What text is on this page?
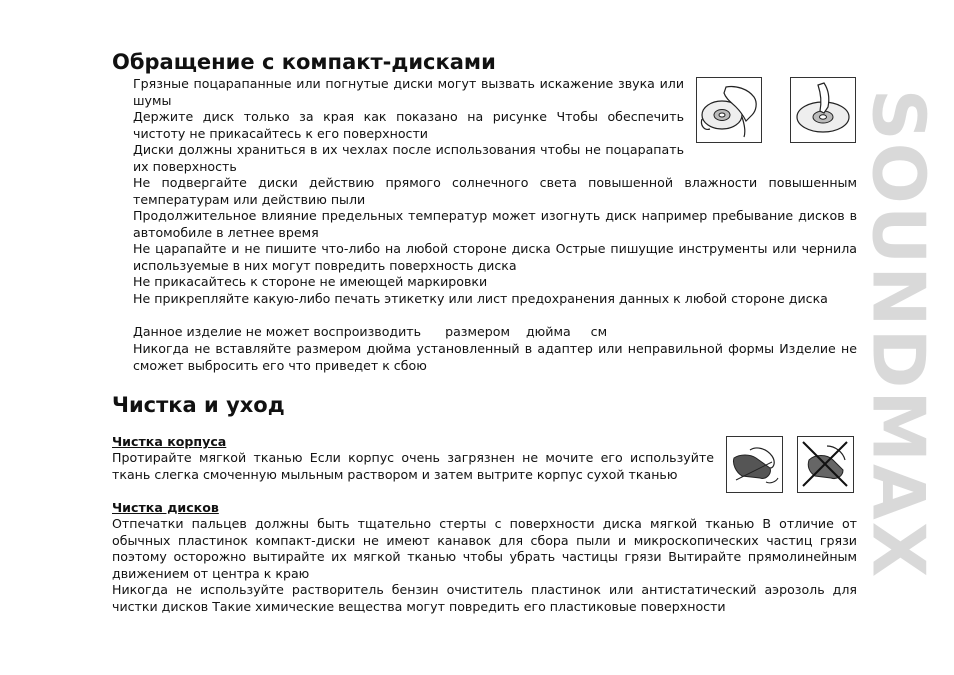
Обращение с компакт-дисками
Грязные поцарапанные или погнутые диски могут вызвать искажение звука или шумы
Держите диск только за края как показано на рисунке Чтобы обеспечить чистоту не прикасайтесь к его поверхности
Диски должны храниться в их чехлах после использования чтобы не поцарапать их поверхность
Не подвергайте диски действию прямого солнечного света повышенной влажности повышенным температурам или действию пыли
Продолжительное влияние предельных температур может изогнуть диск например пребывание дисков в автомобиле в летнее время
Не царапайте и не пишите что-либо на любой стороне диска Острые пишущие инструменты или чернила используемые в них могут повредить поверхность диска
Не прикасайтесь к стороне не имеющей маркировки
Не прикрепляйте какую-либо печать этикетку или лист предохранения данных к любой стороне диска
Данное изделие не может воспроизводить      размером    дюйма     см
Никогда не вставляйте размером дюйма установленный в адаптер или неправильной формы Изделие не сможет выбросить его что приведет к сбою
Чистка и уход
Чистка корпуса
Протирайте мягкой тканью Если корпус очень загрязнен не мочите его используйте ткань слегка смоченную мыльным раствором и затем вытрите корпус сухой тканью
Чистка дисков
Отпечатки пальцев должны быть тщательно стерты с поверхности диска мягкой тканью В отличие от обычных пластинок компакт-диски не имеют канавок для сбора пыли и микроскопических частиц грязи поэтому осторожно вытирайте их мягкой тканью чтобы убрать частицы грязи Вытирайте прямолинейным движением от центра к краю
Никогда не используйте растворитель бензин очиститель пластинок или антистатический аэрозоль для чистки дисков Такие химические вещества могут повредить его пластиковые поверхности
SOUNDMAX
